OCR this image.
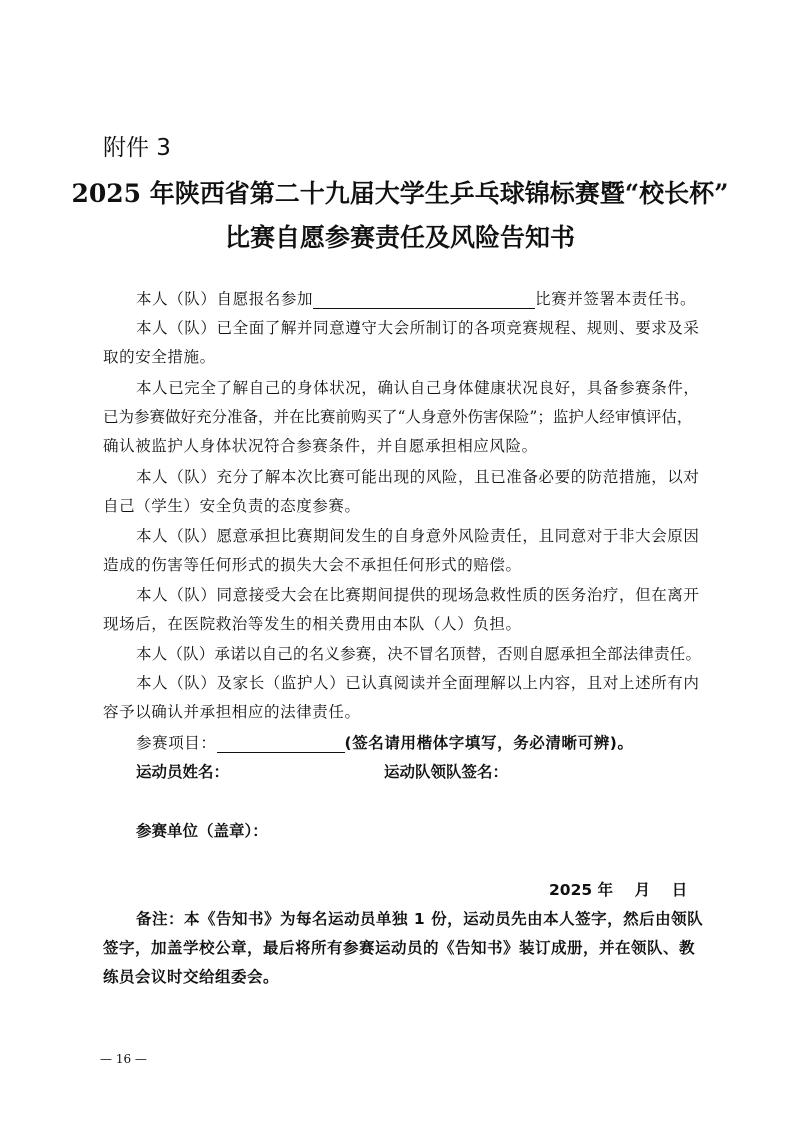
附件 3
2025 年陕西省第二十九届大学生乒乓球锦标赛暨“校长杯”
比赛自愿参赛责任及风险告知书
本人（队）自愿报名参加	比赛并签署本责任书。
本人（队）已全面了解并同意遵守大会所制订的各项竞赛规程、规则、要求及采
取的安全措施。
本人已完全了解自己的身体状况，确认自己身体健康状况良好，具备参赛条件，
已为参赛做好充分准备，并在比赛前购买了“人身意外伤害保险”；监护人经审慎评估，
确认被监护人身体状况符合参赛条件，并自愿承担相应风险。
本人（队）充分了解本次比赛可能出现的风险，且已准备必要的防范措施，以对
自己（学生）安全负责的态度参赛。
本人（队）愿意承担比赛期间发生的自身意外风险责任，且同意对于非大会原因
造成的伤害等任何形式的损失大会不承担任何形式的赔偿。
本人（队）同意接受大会在比赛期间提供的现场急救性质的医务治疗，但在离开
现场后，在医院救治等发生的相关费用由本队（人）负担。
本人（队）承诺以自己的名义参赛，决不冒名顶替，否则自愿承担全部法律责任。
本人（队）及家长（监护人）已认真阅读并全面理解以上内容，且对上述所有内
容予以确认并承担相应的法律责任。
参赛项目：	(签名请用楷体字填写，务必清晰可辨)。
运动员姓名：	运动队领队签名：
参赛单位（盖章）：
2025 年    月    日
备注：本《告知书》为每名运动员单独 1 份，运动员先由本人签字，然后由领队
签字，加盖学校公章，最后将所有参赛运动员的《告知书》装订成册，并在领队、教
练员会议时交给组委会。
— 16 —
